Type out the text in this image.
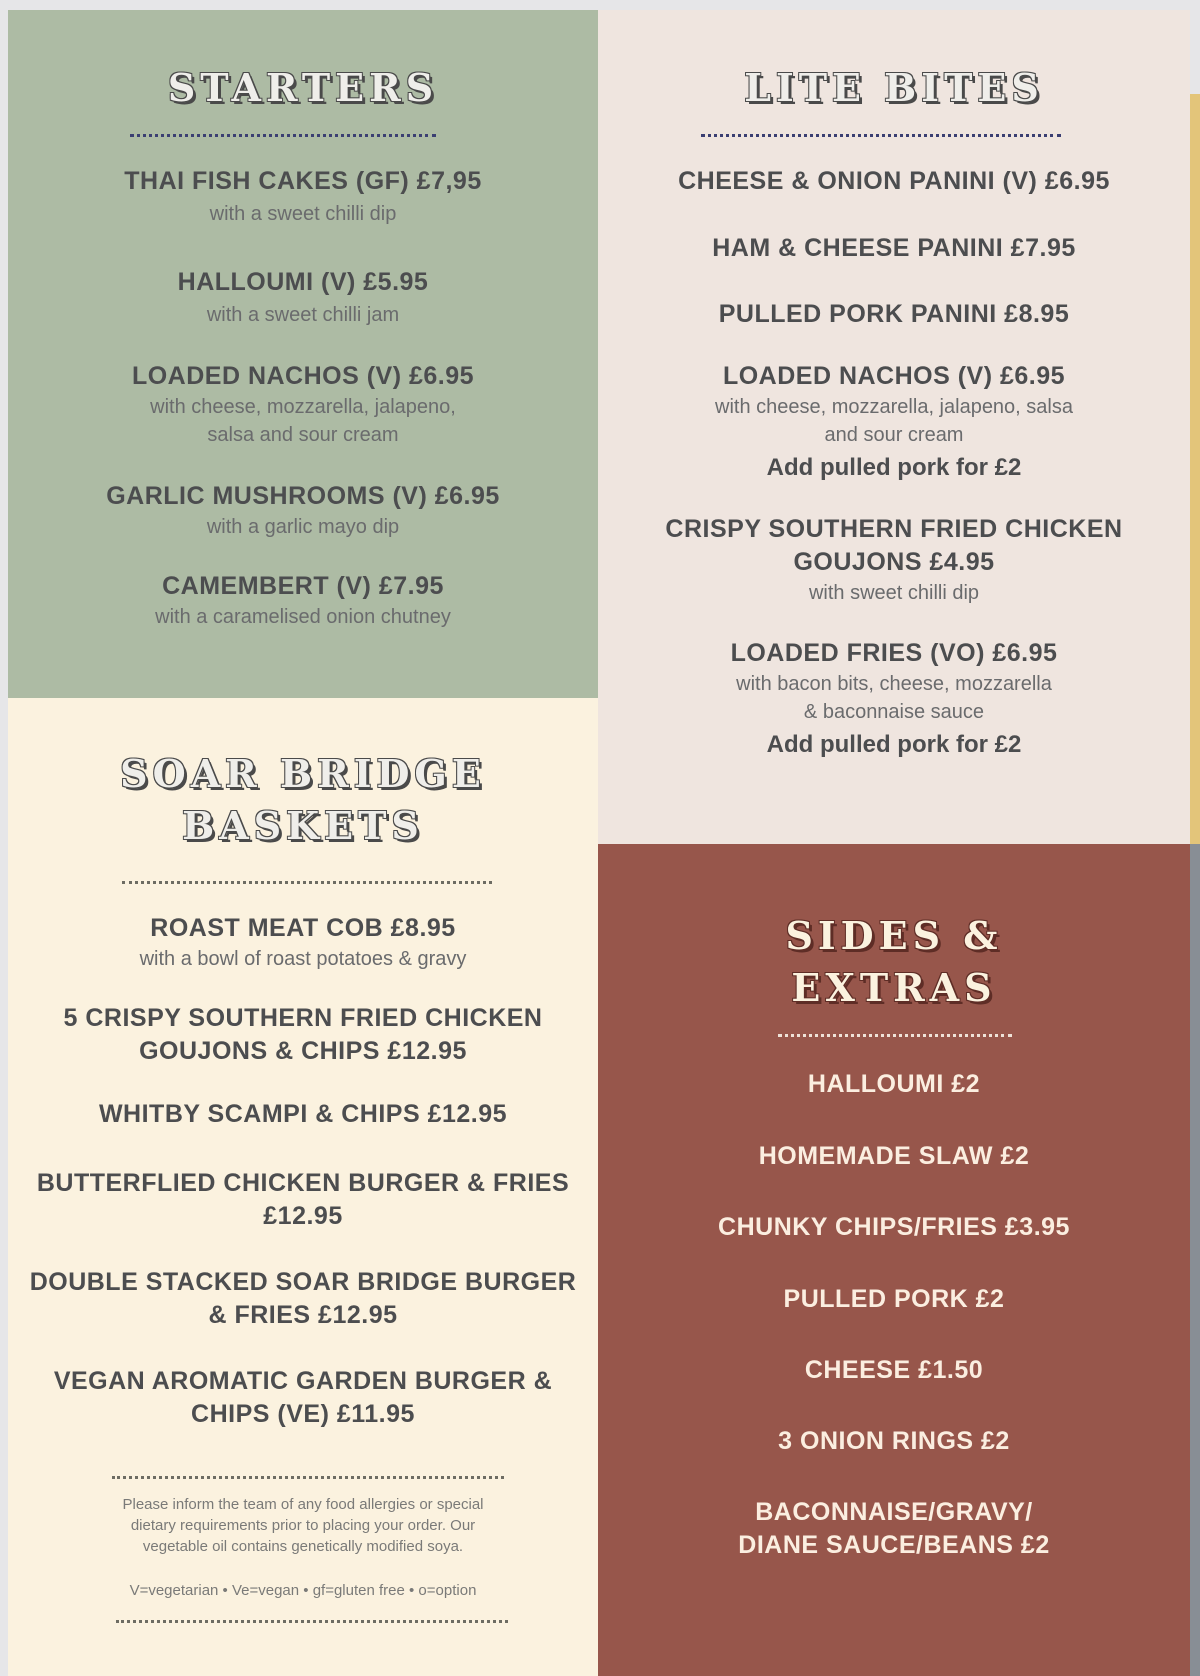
STARTERS
THAI FISH CAKES (GF) £7,95
with a sweet chilli dip
HALLOUMI (V) £5.95
with a sweet chilli jam
LOADED NACHOS (V) £6.95
with cheese, mozzarella, jalapeno,
salsa and sour cream
GARLIC MUSHROOMS (V) £6.95
with a garlic mayo dip
CAMEMBERT (V) £7.95
with a caramelised onion chutney
LITE BITES
CHEESE & ONION PANINI (V) £6.95
HAM & CHEESE PANINI £7.95
PULLED PORK PANINI £8.95
LOADED NACHOS (V) £6.95
with cheese, mozzarella, jalapeno, salsa
and sour cream
Add pulled pork for £2
CRISPY SOUTHERN FRIED CHICKEN
GOUJONS £4.95
with sweet chilli dip
LOADED FRIES (VO) £6.95
with bacon bits, cheese, mozzarella
& baconnaise sauce
Add pulled pork for £2
SOAR BRIDGE
BASKETS
ROAST MEAT COB £8.95
with a bowl of roast potatoes & gravy
5 CRISPY SOUTHERN FRIED CHICKEN
GOUJONS & CHIPS £12.95
WHITBY SCAMPI & CHIPS £12.95
BUTTERFLIED CHICKEN BURGER & FRIES
£12.95
DOUBLE STACKED SOAR BRIDGE BURGER
& FRIES £12.95
VEGAN AROMATIC GARDEN BURGER &
CHIPS (VE) £11.95
Please inform the team of any food allergies or special
dietary requirements prior to placing your order. Our
vegetable oil contains genetically modified soya.
V=vegetarian • Ve=vegan • gf=gluten free • o=option
SIDES &
EXTRAS
HALLOUMI £2
HOMEMADE SLAW £2
CHUNKY CHIPS/FRIES £3.95
PULLED PORK £2
CHEESE £1.50
3 ONION RINGS £2
BACONNAISE/GRAVY/
DIANE SAUCE/BEANS £2
